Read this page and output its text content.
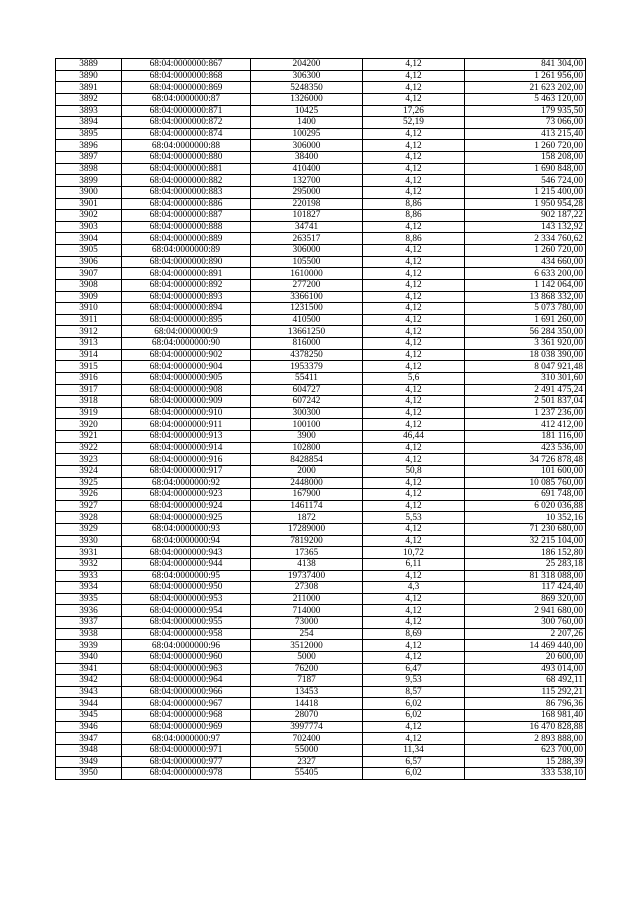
3889	68:04:0000000:867	204200	4,12	841 304,00
3890	68:04:0000000:868	306300	4,12	1 261 956,00
3891	68:04:0000000:869	5248350	4,12	21 623 202,00
3892	68:04:0000000:87	1326000	4,12	5 463 120,00
3893	68:04:0000000:871	10425	17,26	179 935,50
3894	68:04:0000000:872	1400	52,19	73 066,00
3895	68:04:0000000:874	100295	4,12	413 215,40
3896	68:04:0000000:88	306000	4,12	1 260 720,00
3897	68:04:0000000:880	38400	4,12	158 208,00
3898	68:04:0000000:881	410400	4,12	1 690 848,00
3899	68:04:0000000:882	132700	4,12	546 724,00
3900	68:04:0000000:883	295000	4,12	1 215 400,00
3901	68:04:0000000:886	220198	8,86	1 950 954,28
3902	68:04:0000000:887	101827	8,86	902 187,22
3903	68:04:0000000:888	34741	4,12	143 132,92
3904	68:04:0000000:889	263517	8,86	2 334 760,62
3905	68:04:0000000:89	306000	4,12	1 260 720,00
3906	68:04:0000000:890	105500	4,12	434 660,00
3907	68:04:0000000:891	1610000	4,12	6 633 200,00
3908	68:04:0000000:892	277200	4,12	1 142 064,00
3909	68:04:0000000:893	3366100	4,12	13 868 332,00
3910	68:04:0000000:894	1231500	4,12	5 073 780,00
3911	68:04:0000000:895	410500	4,12	1 691 260,00
3912	68:04:0000000:9	13661250	4,12	56 284 350,00
3913	68:04:0000000:90	816000	4,12	3 361 920,00
3914	68:04:0000000:902	4378250	4,12	18 038 390,00
3915	68:04:0000000:904	1953379	4,12	8 047 921,48
3916	68:04:0000000:905	55411	5,6	310 301,60
3917	68:04:0000000:908	604727	4,12	2 491 475,24
3918	68:04:0000000:909	607242	4,12	2 501 837,04
3919	68:04:0000000:910	300300	4,12	1 237 236,00
3920	68:04:0000000:911	100100	4,12	412 412,00
3921	68:04:0000000:913	3900	46,44	181 116,00
3922	68:04:0000000:914	102800	4,12	423 536,00
3923	68:04:0000000:916	8428854	4,12	34 726 878,48
3924	68:04:0000000:917	2000	50,8	101 600,00
3925	68:04:0000000:92	2448000	4,12	10 085 760,00
3926	68:04:0000000:923	167900	4,12	691 748,00
3927	68:04:0000000:924	1461174	4,12	6 020 036,88
3928	68:04:0000000:925	1872	5,53	10 352,16
3929	68:04:0000000:93	17289000	4,12	71 230 680,00
3930	68:04:0000000:94	7819200	4,12	32 215 104,00
3931	68:04:0000000:943	17365	10,72	186 152,80
3932	68:04:0000000:944	4138	6,11	25 283,18
3933	68:04:0000000:95	19737400	4,12	81 318 088,00
3934	68:04:0000000:950	27308	4,3	117 424,40
3935	68:04:0000000:953	211000	4,12	869 320,00
3936	68:04:0000000:954	714000	4,12	2 941 680,00
3937	68:04:0000000:955	73000	4,12	300 760,00
3938	68:04:0000000:958	254	8,69	2 207,26
3939	68:04:0000000:96	3512000	4,12	14 469 440,00
3940	68:04:0000000:960	5000	4,12	20 600,00
3941	68:04:0000000:963	76200	6,47	493 014,00
3942	68:04:0000000:964	7187	9,53	68 492,11
3943	68:04:0000000:966	13453	8,57	115 292,21
3944	68:04:0000000:967	14418	6,02	86 796,36
3945	68:04:0000000:968	28070	6,02	168 981,40
3946	68:04:0000000:969	3997774	4,12	16 470 828,88
3947	68:04:0000000:97	702400	4,12	2 893 888,00
3948	68:04:0000000:971	55000	11,34	623 700,00
3949	68:04:0000000:977	2327	6,57	15 288,39
3950	68:04:0000000:978	55405	6,02	333 538,10
